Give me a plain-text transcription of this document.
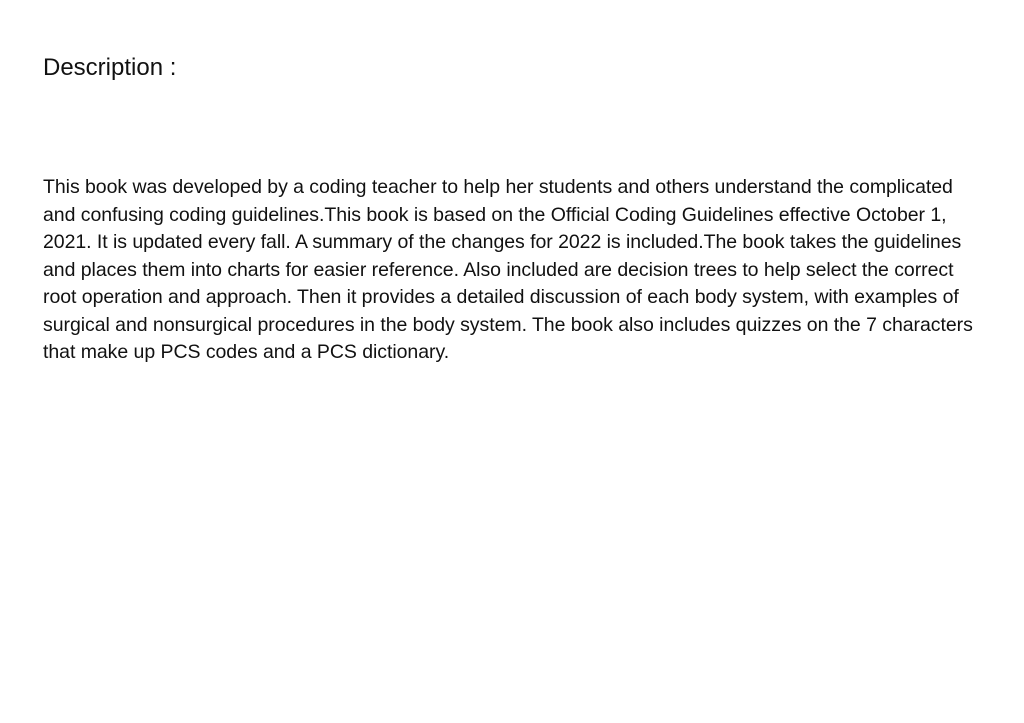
Description :

This book was developed by a coding teacher to help her students and others understand the complicated and confusing coding guidelines.This book is based on the Official Coding Guidelines effective October 1, 2021. It is updated every fall. A summary of the changes for 2022 is included.The book takes the guidelines and places them into charts for easier reference. Also included are decision trees to help select the correct root operation and approach. Then it provides a detailed discussion of each body system, with examples of surgical and nonsurgical procedures in the body system. The book also includes quizzes on the 7 characters that make up PCS codes and a PCS dictionary.
